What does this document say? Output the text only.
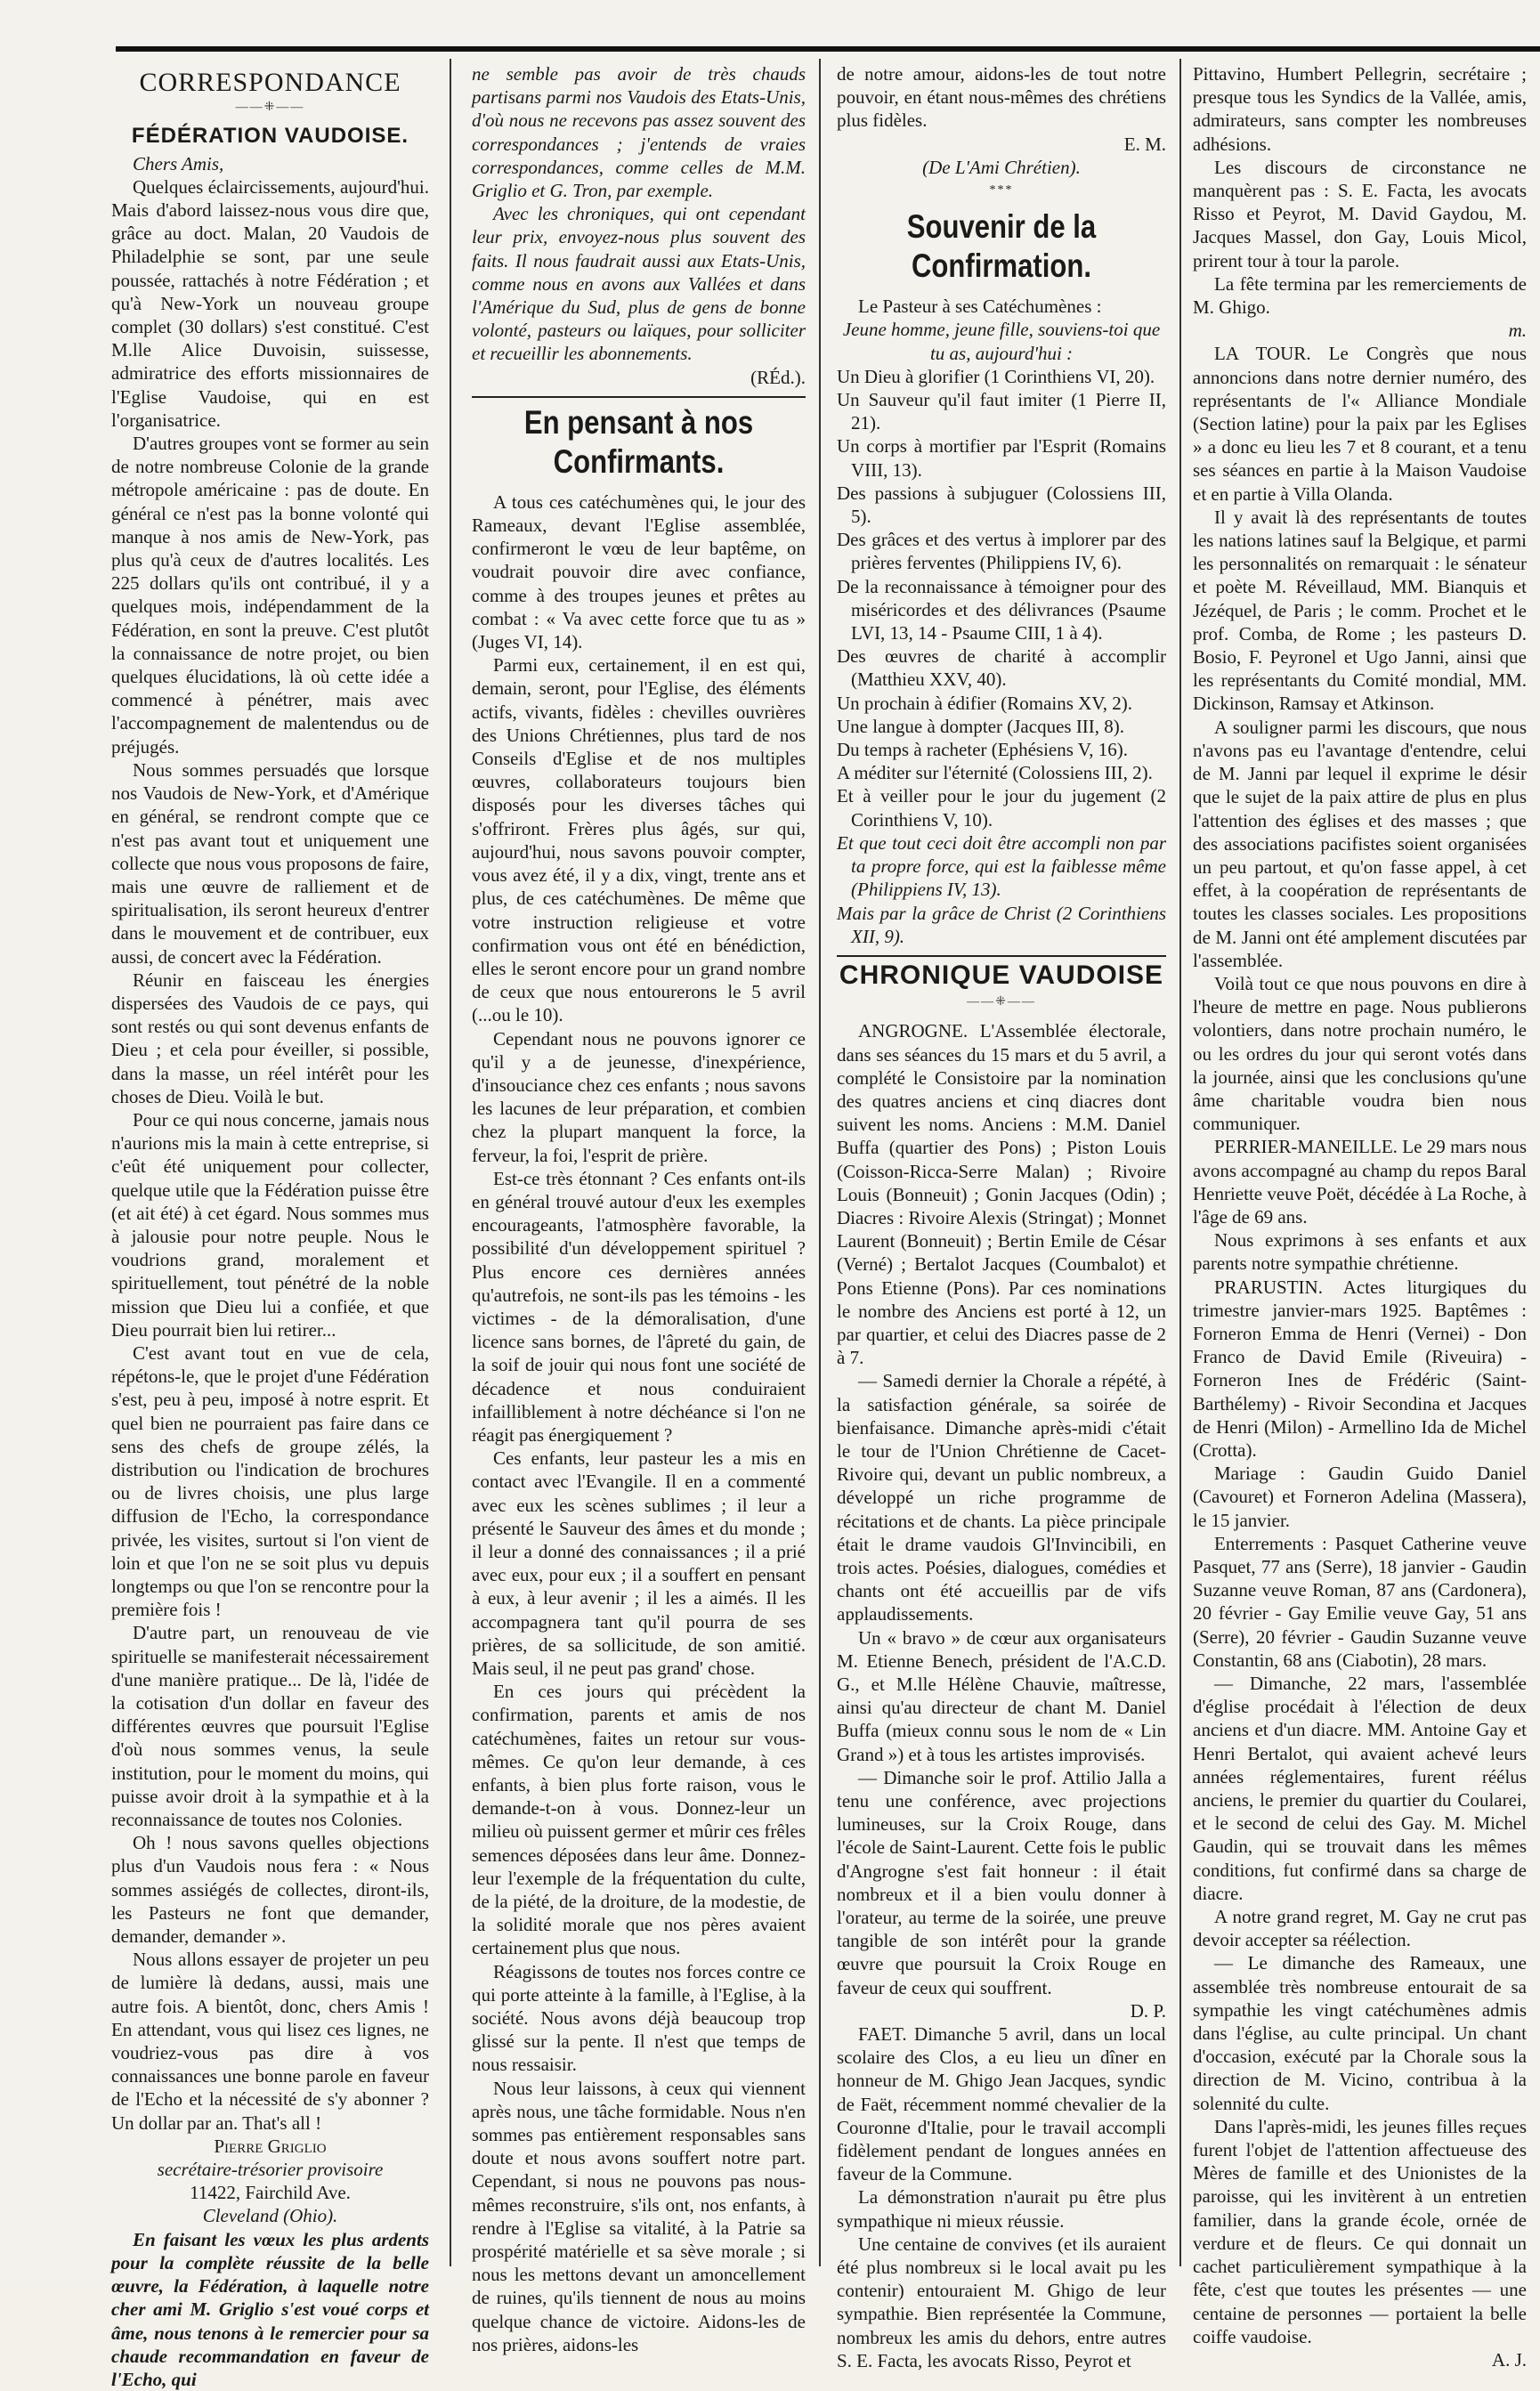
CORRESPONDANCE
——⁜——
FÉDÉRATION VAUDOISE.

Chers Amis,

Quelques éclaircissements, aujourd'hui. Mais d'abord laissez-nous vous dire que, grâce au doct. Malan, 20 Vaudois de Philadelphie se sont, par une seule poussée, rattachés à notre Fédération ; et qu'à New-York un nouveau groupe complet (30 dollars) s'est constitué. C'est M.lle Alice Duvoisin, suissesse, admiratrice des efforts missionnaires de l'Eglise Vaudoise, qui en est l'organisatrice.

D'autres groupes vont se former au sein de notre nombreuse Colonie de la grande métropole américaine : pas de doute. En général ce n'est pas la bonne volonté qui manque à nos amis de New-York, pas plus qu'à ceux de d'autres localités. Les 225 dollars qu'ils ont contribué, il y a quelques mois, indépendamment de la Fédération, en sont la preuve. C'est plutôt la connaissance de notre projet, ou bien quelques élucidations, là où cette idée a commencé à pénétrer, mais avec l'accompagnement de malentendus ou de préjugés.

Nous sommes persuadés que lorsque nos Vaudois de New-York, et d'Amérique en général, se rendront compte que ce n'est pas avant tout et uniquement une collecte que nous vous proposons de faire, mais une œuvre de ralliement et de spiritualisation, ils seront heureux d'entrer dans le mouvement et de contribuer, eux aussi, de concert avec la Fédération.

Réunir en faisceau les énergies dispersées des Vaudois de ce pays, qui sont restés ou qui sont devenus enfants de Dieu ; et cela pour éveiller, si possible, dans la masse, un réel intérêt pour les choses de Dieu. Voilà le but.

Pour ce qui nous concerne, jamais nous n'aurions mis la main à cette entreprise, si c'eût été uniquement pour collecter, quelque utile que la Fédération puisse être (et ait été) à cet égard. Nous sommes mus à jalousie pour notre peuple. Nous le voudrions grand, moralement et spirituellement, tout pénétré de la noble mission que Dieu lui a confiée, et que Dieu pourrait bien lui retirer...

C'est avant tout en vue de cela, répétons-le, que le projet d'une Fédération s'est, peu à peu, imposé à notre esprit. Et quel bien ne pourraient pas faire dans ce sens des chefs de groupe zélés, la distribution ou l'indication de brochures ou de livres choisis, une plus large diffusion de l'Echo, la correspondance privée, les visites, surtout si l'on vient de loin et que l'on ne se soit plus vu depuis longtemps ou que l'on se rencontre pour la première fois !

D'autre part, un renouveau de vie spirituelle se manifesterait nécessairement d'une manière pratique... De là, l'idée de la cotisation d'un dollar en faveur des différentes œuvres que poursuit l'Eglise d'où nous sommes venus, la seule institution, pour le moment du moins, qui puisse avoir droit à la sympathie et à la reconnaissance de toutes nos Colonies.

Oh ! nous savons quelles objections plus d'un Vaudois nous fera : « Nous sommes assiégés de collectes, diront-ils, les Pasteurs ne font que demander, demander, demander ».

Nous allons essayer de projeter un peu de lumière là dedans, aussi, mais une autre fois. A bientôt, donc, chers Amis ! En attendant, vous qui lisez ces lignes, ne voudriez-vous pas dire à vos connaissances une bonne parole en faveur de l'Echo et la nécessité de s'y abonner ? Un dollar par an. That's all !

Pierre Griglio

secrétaire-trésorier provisoire

11422, Fairchild Ave.

Cleveland (Ohio).

En faisant les vœux les plus ardents pour la complète réussite de la belle œuvre, la Fédération, à laquelle notre cher ami M. Griglio s'est voué corps et âme, nous tenons à le remercier pour sa chaude recommandation en faveur de l'Echo, qui

ne semble pas avoir de très chauds partisans parmi nos Vaudois des Etats-Unis, d'où nous ne recevons pas assez souvent des correspondances ; j'entends de vraies correspondances, comme celles de M.M. Griglio et G. Tron, par exemple.

Avec les chroniques, qui ont cependant leur prix, envoyez-nous plus souvent des faits. Il nous faudrait aussi aux Etats-Unis, comme nous en avons aux Vallées et dans l'Amérique du Sud, plus de gens de bonne volonté, pasteurs ou laïques, pour solliciter et recueillir les abonnements.

(RÉd.).

En pensant à nos Confirmants.

A tous ces catéchumènes qui, le jour des Rameaux, devant l'Eglise assemblée, confirmeront le vœu de leur baptême, on voudrait pouvoir dire avec confiance, comme à des troupes jeunes et prêtes au combat : « Va avec cette force que tu as » (Juges VI, 14).

Parmi eux, certainement, il en est qui, demain, seront, pour l'Eglise, des éléments actifs, vivants, fidèles : chevilles ouvrières des Unions Chrétiennes, plus tard de nos Conseils d'Eglise et de nos multiples œuvres, collaborateurs toujours bien disposés pour les diverses tâches qui s'offriront. Frères plus âgés, sur qui, aujourd'hui, nous savons pouvoir compter, vous avez été, il y a dix, vingt, trente ans et plus, de ces catéchumènes. De même que votre instruction religieuse et votre confirmation vous ont été en bénédiction, elles le seront encore pour un grand nombre de ceux que nous entourerons le 5 avril (...ou le 10).

Cependant nous ne pouvons ignorer ce qu'il y a de jeunesse, d'inexpérience, d'insouciance chez ces enfants ; nous savons les lacunes de leur préparation, et combien chez la plupart manquent la force, la ferveur, la foi, l'esprit de prière.

Est-ce très étonnant ? Ces enfants ont-ils en général trouvé autour d'eux les exemples encourageants, l'atmosphère favorable, la possibilité d'un développement spirituel ? Plus encore ces dernières années qu'autrefois, ne sont-ils pas les témoins - les victimes - de la démoralisation, d'une licence sans bornes, de l'âpreté du gain, de la soif de jouir qui nous font une société de décadence et nous conduiraient infailliblement à notre déchéance si l'on ne réagit pas énergiquement ?

Ces enfants, leur pasteur les a mis en contact avec l'Evangile. Il en a commenté avec eux les scènes sublimes ; il leur a présenté le Sauveur des âmes et du monde ; il leur a donné des connaissances ; il a prié avec eux, pour eux ; il a souffert en pensant à eux, à leur avenir ; il les a aimés. Il les accompagnera tant qu'il pourra de ses prières, de sa sollicitude, de son amitié. Mais seul, il ne peut pas grand' chose.

En ces jours qui précèdent la confirmation, parents et amis de nos catéchumènes, faites un retour sur vous-mêmes. Ce qu'on leur demande, à ces enfants, à bien plus forte raison, vous le demande-t-on à vous. Donnez-leur un milieu où puissent germer et mûrir ces frêles semences déposées dans leur âme. Donnez-leur l'exemple de la fréquentation du culte, de la piété, de la droiture, de la modestie, de la solidité morale que nos pères avaient certainement plus que nous.

Réagissons de toutes nos forces contre ce qui porte atteinte à la famille, à l'Eglise, à la société. Nous avons déjà beaucoup trop glissé sur la pente. Il n'est que temps de nous ressaisir.

Nous leur laissons, à ceux qui viennent après nous, une tâche formidable. Nous n'en sommes pas entièrement responsables sans doute et nous avons souffert notre part. Cependant, si nous ne pouvons pas nous-mêmes reconstruire, s'ils ont, nos enfants, à rendre à l'Eglise sa vitalité, à la Patrie sa prospérité matérielle et sa sève morale ; si nous les mettons devant un amoncellement de ruines, qu'ils tiennent de nous au moins quelque chance de victoire. Aidons-les de nos prières, aidons-les

de notre amour, aidons-les de tout notre pouvoir, en étant nous-mêmes des chrétiens plus fidèles.

E. M.

(De L'Ami Chrétien).

***
Souvenir de la Confirmation.

Le Pasteur à ses Catéchumènes :

Jeune homme, jeune fille, souviens-toi que tu as, aujourd'hui :

Un Dieu à glorifier (1 Corinthiens VI, 20).
Un Sauveur qu'il faut imiter (1 Pierre II, 21).
Un corps à mortifier par l'Esprit (Romains VIII, 13).
Des passions à subjuguer (Colossiens III, 5).
Des grâces et des vertus à implorer par des prières ferventes (Philippiens IV, 6).
De la reconnaissance à témoigner pour des miséricordes et des délivrances (Psaume LVI, 13, 14 - Psaume CIII, 1 à 4).
Des œuvres de charité à accomplir (Matthieu XXV, 40).
Un prochain à édifier (Romains XV, 2).
Une langue à dompter (Jacques III, 8).
Du temps à racheter (Ephésiens V, 16).
A méditer sur l'éternité (Colossiens III, 2).
Et à veiller pour le jour du jugement (2 Corinthiens V, 10).
Et que tout ceci doit être accompli non par ta propre force, qui est la faiblesse même (Philippiens IV, 13).
Mais par la grâce de Christ (2 Corinthiens XII, 9).
CHRONIQUE VAUDOISE
——⁜——

ANGROGNE. L'Assemblée électorale, dans ses séances du 15 mars et du 5 avril, a complété le Consistoire par la nomination des quatres anciens et cinq diacres dont suivent les noms. Anciens : M.M. Daniel Buffa (quartier des Pons) ; Piston Louis (Coisson-Ricca-Serre Malan) ; Rivoire Louis (Bonneuit) ; Gonin Jacques (Odin) ; Diacres : Rivoire Alexis (Stringat) ; Monnet Laurent (Bonneuit) ; Bertin Emile de César (Verné) ; Bertalot Jacques (Coumbalot) et Pons Etienne (Pons). Par ces nominations le nombre des Anciens est porté à 12, un par quartier, et celui des Diacres passe de 2 à 7.

— Samedi dernier la Chorale a répété, à la satisfaction générale, sa soirée de bienfaisance. Dimanche après-midi c'était le tour de l'Union Chrétienne de Cacet-Rivoire qui, devant un public nombreux, a développé un riche programme de récitations et de chants. La pièce principale était le drame vaudois Gl'Invincibili, en trois actes. Poésies, dialogues, comédies et chants ont été accueillis par de vifs applaudissements.

Un « bravo » de cœur aux organisateurs M. Etienne Benech, président de l'A.C.D. G., et M.lle Hélène Chauvie, maîtresse, ainsi qu'au directeur de chant M. Daniel Buffa (mieux connu sous le nom de « Lin Grand ») et à tous les artistes improvisés.

— Dimanche soir le prof. Attilio Jalla a tenu une conférence, avec projections lumineuses, sur la Croix Rouge, dans l'école de Saint-Laurent. Cette fois le public d'Angrogne s'est fait honneur : il était nombreux et il a bien voulu donner à l'orateur, au terme de la soirée, une preuve tangible de son intérêt pour la grande œuvre que poursuit la Croix Rouge en faveur de ceux qui souffrent.

D. P.

FAET. Dimanche 5 avril, dans un local scolaire des Clos, a eu lieu un dîner en honneur de M. Ghigo Jean Jacques, syndic de Faët, récemment nommé chevalier de la Couronne d'Italie, pour le travail accompli fidèlement pendant de longues années en faveur de la Commune.

La démonstration n'aurait pu être plus sympathique ni mieux réussie.

Une centaine de convives (et ils auraient été plus nombreux si le local avait pu les contenir) entouraient M. Ghigo de leur sympathie. Bien représentée la Commune, nombreux les amis du dehors, entre autres S. E. Facta, les avocats Risso, Peyrot et

Pittavino, Humbert Pellegrin, secrétaire ; presque tous les Syndics de la Vallée, amis, admirateurs, sans compter les nombreuses adhésions.

Les discours de circonstance ne manquèrent pas : S. E. Facta, les avocats Risso et Peyrot, M. David Gaydou, M. Jacques Massel, don Gay, Louis Micol, prirent tour à tour la parole.

La fête termina par les remerciements de M. Ghigo.

m.

LA TOUR. Le Congrès que nous annoncions dans notre dernier numéro, des représentants de l'« Alliance Mondiale (Section latine) pour la paix par les Eglises » a donc eu lieu les 7 et 8 courant, et a tenu ses séances en partie à la Maison Vaudoise et en partie à Villa Olanda.

Il y avait là des représentants de toutes les nations latines sauf la Belgique, et parmi les personnalités on remarquait : le sénateur et poète M. Réveillaud, MM. Bianquis et Jézéquel, de Paris ; le comm. Prochet et le prof. Comba, de Rome ; les pasteurs D. Bosio, F. Peyronel et Ugo Janni, ainsi que les représentants du Comité mondial, MM. Dickinson, Ramsay et Atkinson.

A souligner parmi les discours, que nous n'avons pas eu l'avantage d'entendre, celui de M. Janni par lequel il exprime le désir que le sujet de la paix attire de plus en plus l'attention des églises et des masses ; que des associations pacifistes soient organisées un peu partout, et qu'on fasse appel, à cet effet, à la coopération de représentants de toutes les classes sociales. Les propositions de M. Janni ont été amplement discutées par l'assemblée.

Voilà tout ce que nous pouvons en dire à l'heure de mettre en page. Nous publierons volontiers, dans notre prochain numéro, le ou les ordres du jour qui seront votés dans la journée, ainsi que les conclusions qu'une âme charitable voudra bien nous communiquer.

PERRIER-MANEILLE. Le 29 mars nous avons accompagné au champ du repos Baral Henriette veuve Poët, décédée à La Roche, à l'âge de 69 ans.

Nous exprimons à ses enfants et aux parents notre sympathie chrétienne.

PRARUSTIN. Actes liturgiques du trimestre janvier-mars 1925. Baptêmes : Forneron Emma de Henri (Vernei) - Don Franco de David Emile (Riveuira) - Forneron Ines de Frédéric (Saint-Barthélemy) - Rivoir Secondina et Jacques de Henri (Milon) - Armellino Ida de Michel (Crotta).

Mariage : Gaudin Guido Daniel (Cavouret) et Forneron Adelina (Massera), le 15 janvier.

Enterrements : Pasquet Catherine veuve Pasquet, 77 ans (Serre), 18 janvier - Gaudin Suzanne veuve Roman, 87 ans (Cardonera), 20 février - Gay Emilie veuve Gay, 51 ans (Serre), 20 février - Gaudin Suzanne veuve Constantin, 68 ans (Ciabotin), 28 mars.

— Dimanche, 22 mars, l'assemblée d'église procédait à l'élection de deux anciens et d'un diacre. MM. Antoine Gay et Henri Bertalot, qui avaient achevé leurs années réglementaires, furent réélus anciens, le premier du quartier du Coularei, et le second de celui des Gay. M. Michel Gaudin, qui se trouvait dans les mêmes conditions, fut confirmé dans sa charge de diacre.

A notre grand regret, M. Gay ne crut pas devoir accepter sa réélection.

— Le dimanche des Rameaux, une assemblée très nombreuse entourait de sa sympathie les vingt catéchumènes admis dans l'église, au culte principal. Un chant d'occasion, exécuté par la Chorale sous la direction de M. Vicino, contribua à la solennité du culte.

Dans l'après-midi, les jeunes filles reçues furent l'objet de l'attention affectueuse des Mères de famille et des Unionistes de la paroisse, qui les invitèrent à un entretien familier, dans la grande école, ornée de verdure et de fleurs. Ce qui donnait un cachet particulièrement sympathique à la fête, c'est que toutes les présentes — une centaine de personnes — portaient la belle coiffe vaudoise.

A. J.
